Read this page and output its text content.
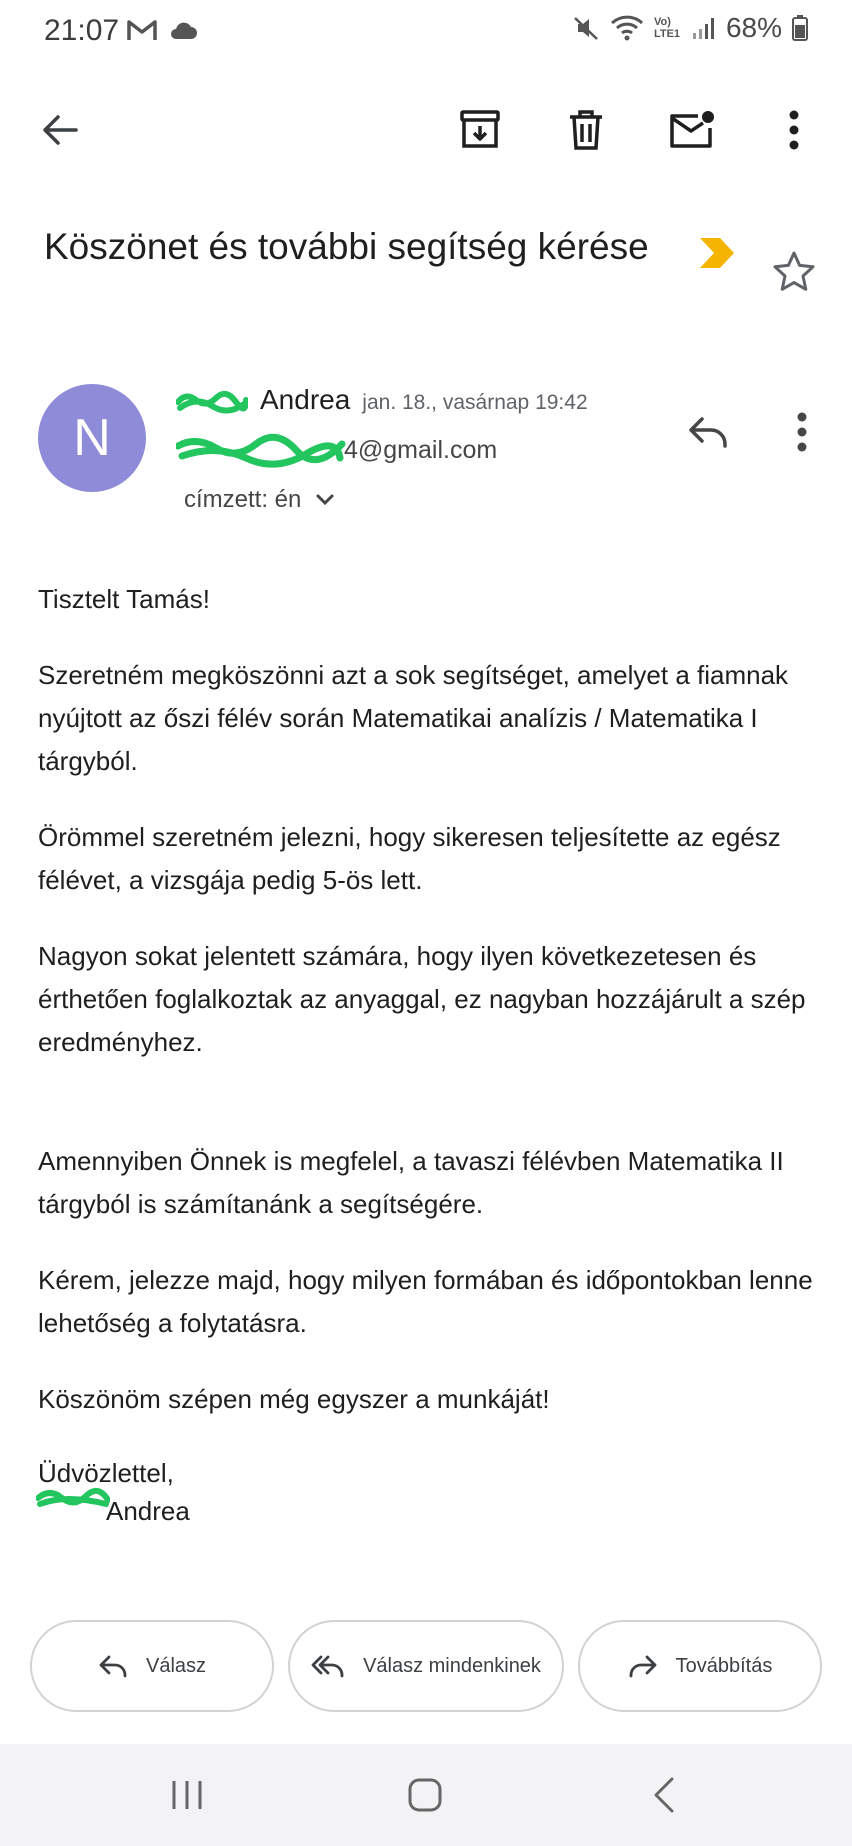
21:07	Vo) LTE1 68%
Köszönet és további segítség kérése
N
Andrea jan. 18., vasárnap 19:42
4@gmail.com
címzett: én

Tisztelt Tamás!

Szeretném megköszönni azt a sok segítséget, amelyet a fiamnak nyújtott az őszi félév során Matematikai analízis / Matematika I tárgyból.

Örömmel szeretném jelezni, hogy sikeresen teljesítette az egész félévet, a vizsgája pedig 5-ös lett.

Nagyon sokat jelentett számára, hogy ilyen következetesen és érthetően foglalkoztak az anyaggal, ez nagyban hozzájárult a szép eredményhez.

Amennyiben Önnek is megfelel, a tavaszi félévben Matematika II tárgyból is számítanánk a segítségére.

Kérem, jelezze majd, hogy milyen formában és időpontokban lenne lehetőség a folytatásra.

Köszönöm szépen még egyszer a munkáját!

Üdvözlettel,

Andrea

Válasz	Válasz mindenkinek	Továbbítás
